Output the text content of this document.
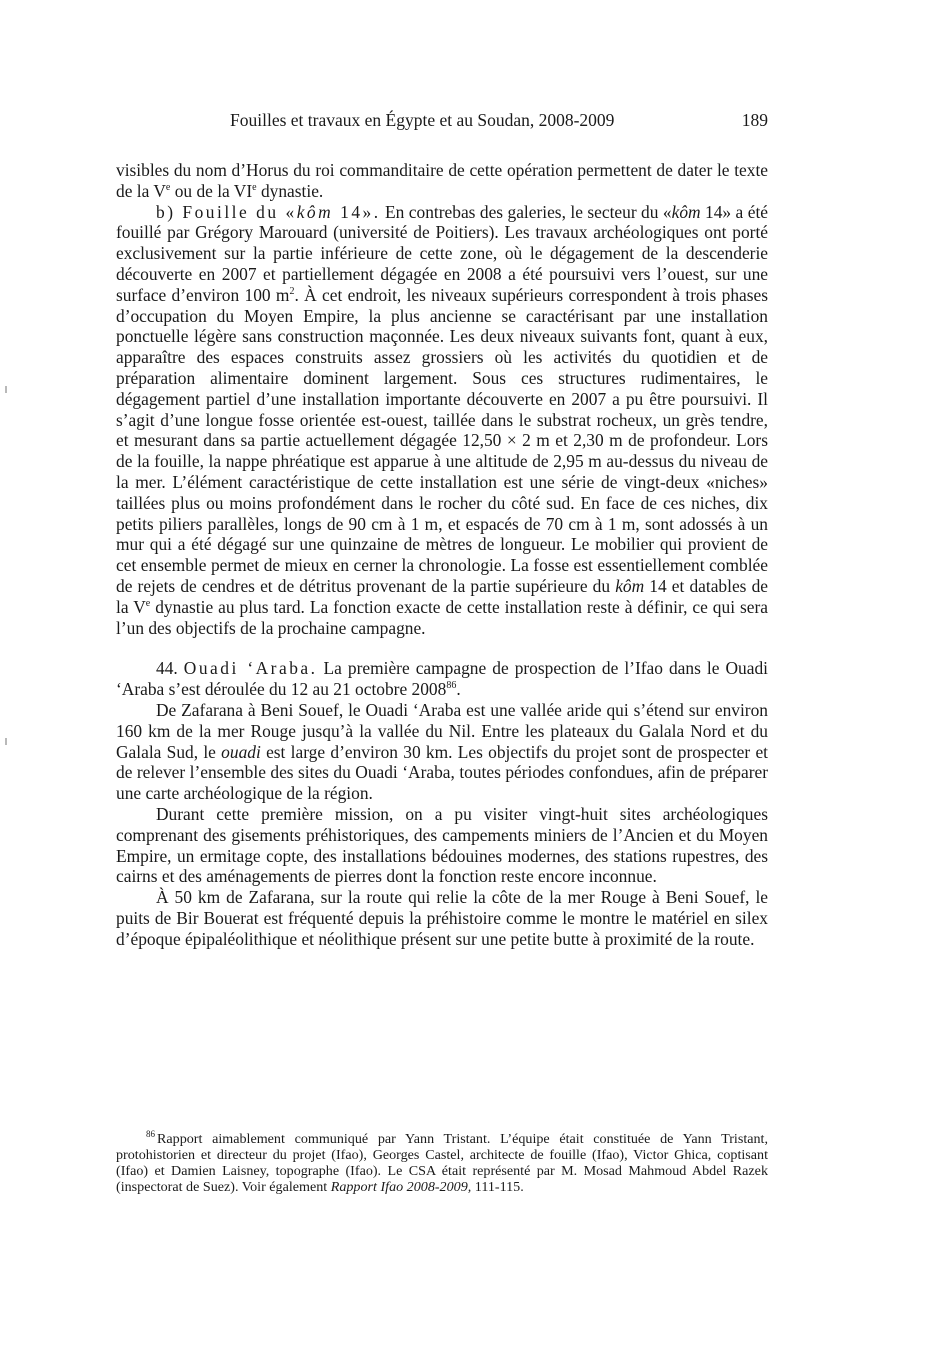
Fouilles et travaux en Égypte et au Soudan, 2008-2009	189

visibles du nom d’Horus du roi commanditaire de cette opération permettent de dater le texte de la Ve ou de la VIe dynastie.

b) Fouille du «kôm 14». En contrebas des galeries, le secteur du «kôm 14» a été fouillé par Grégory Marouard (université de Poitiers). Les travaux archéologiques ont porté exclusivement sur la partie inférieure de cette zone, où le dégagement de la descenderie découverte en 2007 et partiellement dégagée en 2008 a été poursuivi vers l’ouest, sur une surface d’environ 100 $m^2$. À cet endroit, les niveaux supérieurs correspondent à trois phases d’occupation du Moyen Empire, la plus ancienne se caractérisant par une installation ponctuelle légère sans construction maçonnée. Les deux niveaux suivants font, quant à eux, apparaître des espaces construits assez grossiers où les activités du quotidien et de préparation alimentaire dominent largement. Sous ces structures rudimentaires, le dégagement partiel d’une installation importante découverte en 2007 a pu être poursuivi. Il s’agit d’une longue fosse orientée est-ouest, taillée dans le substrat rocheux, un grès tendre, et mesurant dans sa partie actuellement dégagée 12,50 × 2 m et 2,30 m de profondeur. Lors de la fouille, la nappe phréatique est apparue à une altitude de 2,95 m au-dessus du niveau de la mer. L’élément caractéristique de cette installation est une série de vingt-deux «niches» taillées plus ou moins profondément dans le rocher du côté sud. En face de ces niches, dix petits piliers parallèles, longs de 90 cm à 1 m, et espacés de 70 cm à 1 m, sont adossés à un mur qui a été dégagé sur une quinzaine de mètres de longueur. Le mobilier qui provient de cet ensemble permet de mieux en cerner la chronologie. La fosse est essentiellement comblée de rejets de cendres et de détritus provenant de la partie supérieure du kôm 14 et datables de la Ve dynastie au plus tard. La fonction exacte de cette installation reste à définir, ce qui sera l’un des objectifs de la prochaine campagne.

44. Ouadi ‘Araba. La première campagne de prospection de l’Ifao dans le Ouadi ‘Araba s’est déroulée du 12 au 21 octobre 2008$^{86}$.

De Zafarana à Beni Souef, le Ouadi ‘Araba est une vallée aride qui s’étend sur environ 160 km de la mer Rouge jusqu’à la vallée du Nil. Entre les plateaux du Galala Nord et du Galala Sud, le ouadi est large d’environ 30 km. Les objectifs du projet sont de prospecter et de relever l’ensemble des sites du Ouadi ‘Araba, toutes périodes confondues, afin de préparer une carte archéologique de la région.

Durant cette première mission, on a pu visiter vingt-huit sites archéologiques comprenant des gisements préhistoriques, des campements miniers de l’Ancien et du Moyen Empire, un ermitage copte, des installations bédouines modernes, des stations rupestres, des cairns et des aménagements de pierres dont la fonction reste encore inconnue.

À 50 km de Zafarana, sur la route qui relie la côte de la mer Rouge à Beni Souef, le puits de Bir Bouerat est fréquenté depuis la préhistoire comme le montre le matériel en silex d’époque épipaléolithique et néolithique présent sur une petite butte à proximité de la route.

$^{86}$ Rapport aimablement communiqué par Yann Tristant. L’équipe était constituée de Yann Tristant, protohistorien et directeur du projet (Ifao), Georges Castel, architecte de fouille (Ifao), Victor Ghica, coptisant (Ifao) et Damien Laisney, topographe (Ifao). Le CSA était représenté par M. Mosad Mahmoud Abdel Razek (inspectorat de Suez). Voir également Rapport Ifao 2008-2009, 111-115.
